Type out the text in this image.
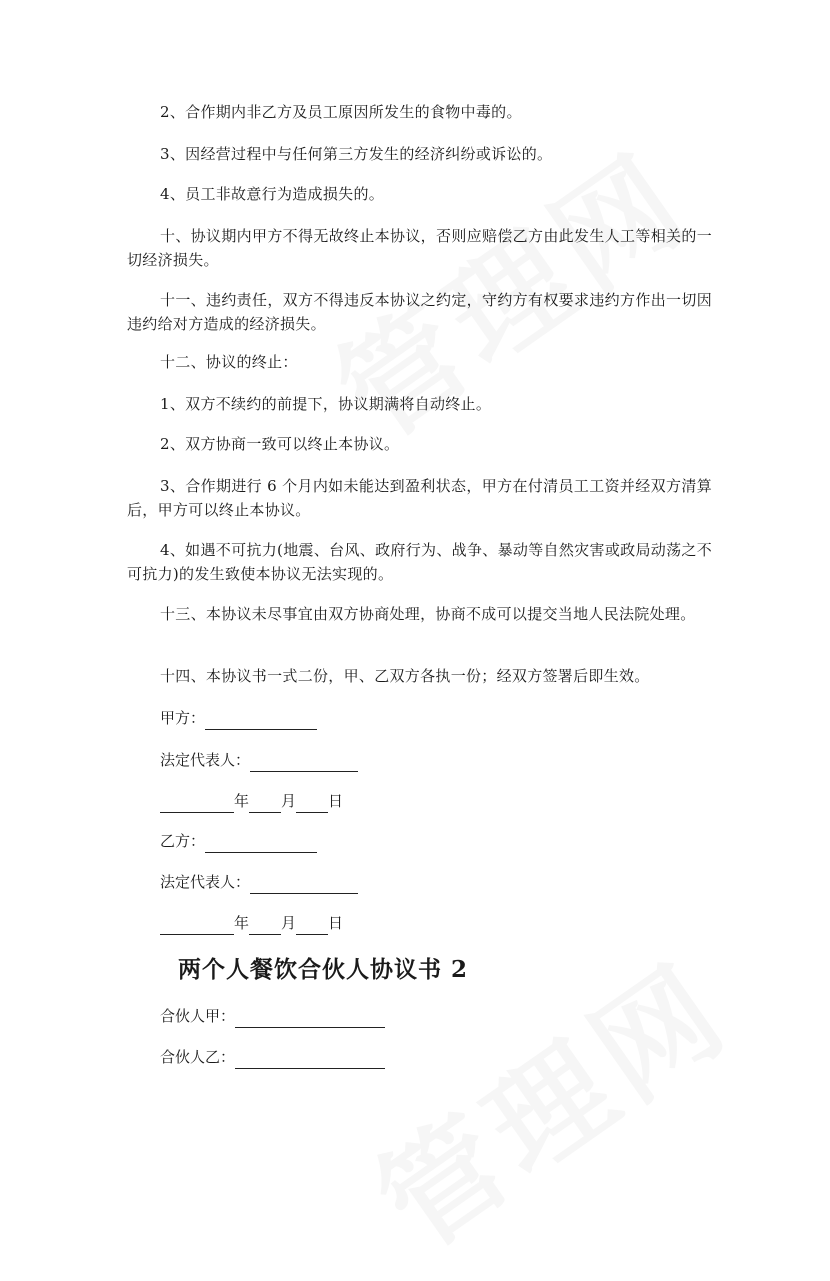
2、合作期内非乙方及员工原因所发生的食物中毒的。

3、因经营过程中与任何第三方发生的经济纠纷或诉讼的。

4、员工非故意行为造成损失的。

十、协议期内甲方不得无故终止本协议，否则应赔偿乙方由此发生人工等相关的一切经济损失。

十一、违约责任，双方不得违反本协议之约定，守约方有权要求违约方作出一切因违约给对方造成的经济损失。

十二、协议的终止：

1、双方不续约的前提下，协议期满将自动终止。

2、双方协商一致可以终止本协议。

3、合作期进行 6 个月内如未能达到盈利状态，甲方在付清员工工资并经双方清算后，甲方可以终止本协议。

4、如遇不可抗力(地震、台风、政府行为、战争、暴动等自然灾害或政局动荡之不可抗力)的发生致使本协议无法实现的。

十三、本协议未尽事宜由双方协商处理，协商不成可以提交当地人民法院处理。

十四、本协议书一式二份，甲、乙双方各执一份；经双方签署后即生效。

甲方：
法定代表人：
年 月 日
乙方：
法定代表人：
年 月 日
两个人餐饮合伙人协议书 2
合伙人甲：
合伙人乙：
